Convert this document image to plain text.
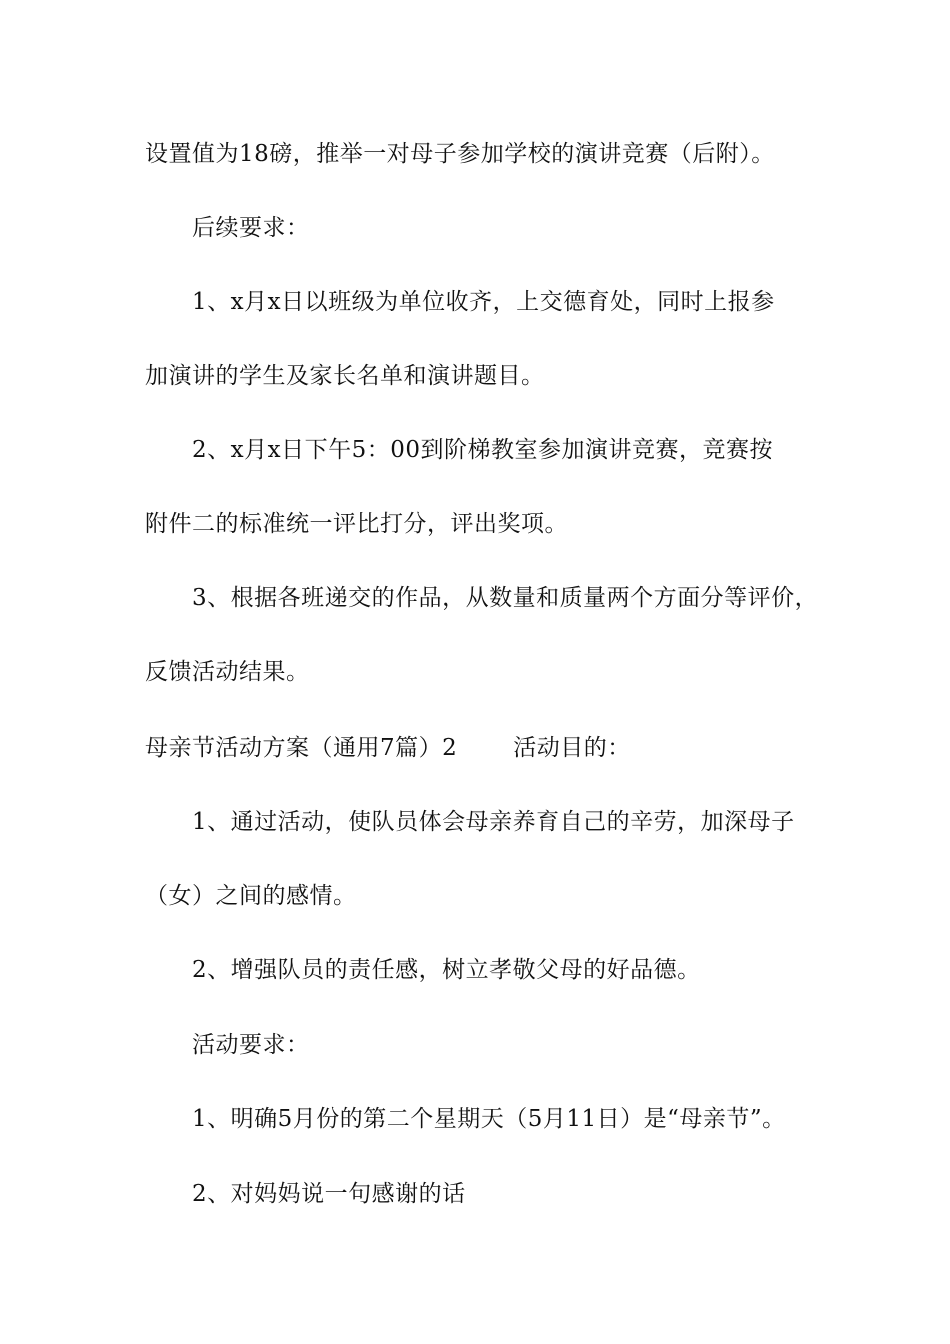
设置值为18磅，推举一对母子参加学校的演讲竞赛（后附）。
后续要求：
1、x月x日以班级为单位收齐，上交德育处，同时上报参
加演讲的学生及家长名单和演讲题目。
2、x月x日下午5：00到阶梯教室参加演讲竞赛，竞赛按
附件二的标准统一评比打分，评出奖项。
3、根据各班递交的作品，从数量和质量两个方面分等评价，
反馈活动结果。
母亲节活动方案（通用7篇）2 活动目的：
1、通过活动，使队员体会母亲养育自己的辛劳，加深母子
（女）之间的感情。
2、增强队员的责任感，树立孝敬父母的好品德。
活动要求：
1、明确5月份的第二个星期天（5月11日）是“母亲节”。
2、对妈妈说一句感谢的话
